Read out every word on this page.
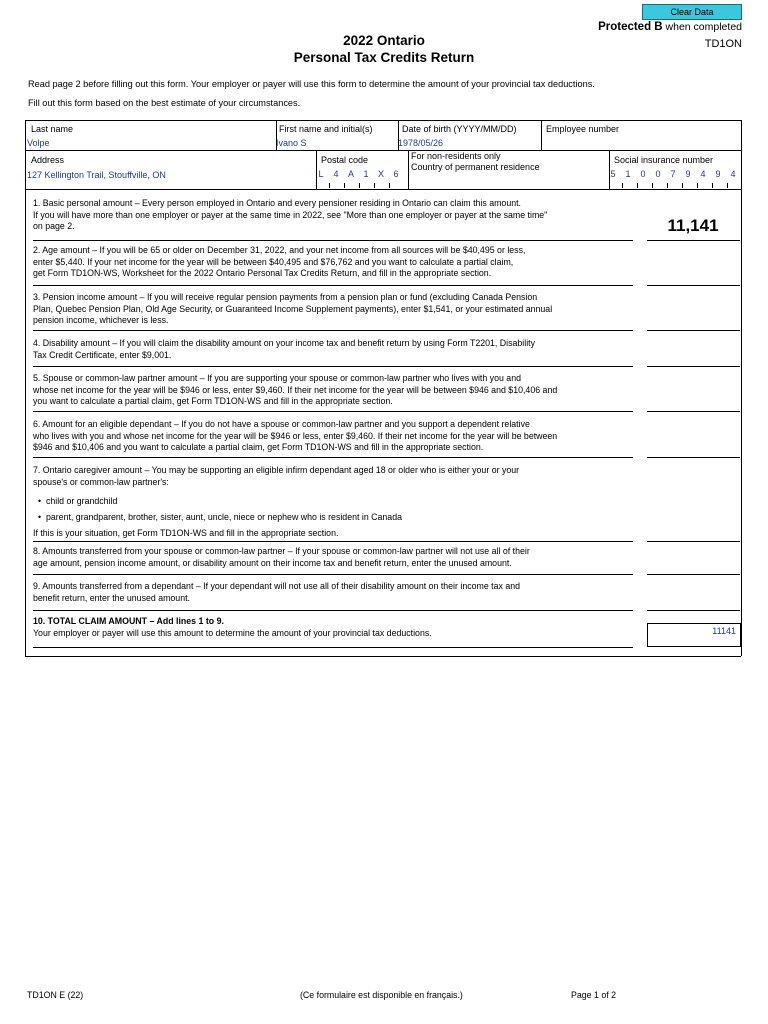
Clear Data
Protected B when completed
TD1ON
2022 Ontario
Personal Tax Credits Return
Read page 2 before filling out this form. Your employer or payer will use this form to determine the amount of your provincial tax deductions.
Fill out this form based on the best estimate of your circumstances.
Last name
Volpe
First name and initial(s)
Ivano S
Date of birth (YYYY/MM/DD)
1978/05/26
Employee number
Address
127 Kellington Trail, Stouffville, ON
Postal code
L 4 A 1 X 6
For non-residents only
Country of permanent residence
Social insurance number
5 1 0 0 7 9 4 9 4
1. Basic personal amount – Every person employed in Ontario and every pensioner residing in Ontario can claim this amount.
If you will have more than one employer or payer at the same time in 2022, see "More than one employer or payer at the same time"
on page 2.	11,141
2. Age amount – If you will be 65 or older on December 31, 2022, and your net income from all sources will be $40,495 or less,
enter $5,440. If your net income for the year will be between $40,495 and $76,762 and you want to calculate a partial claim,
get Form TD1ON-WS, Worksheet for the 2022 Ontario Personal Tax Credits Return, and fill in the appropriate section.
3. Pension income amount – If you will receive regular pension payments from a pension plan or fund (excluding Canada Pension
Plan, Quebec Pension Plan, Old Age Security, or Guaranteed Income Supplement payments), enter $1,541, or your estimated annual
pension income, whichever is less.
4. Disability amount – If you will claim the disability amount on your income tax and benefit return by using Form T2201, Disability
Tax Credit Certificate, enter $9,001.
5. Spouse or common-law partner amount – If you are supporting your spouse or common-law partner who lives with you and
whose net income for the year will be $946 or less, enter $9,460. If their net income for the year will be between $946 and $10,406 and
you want to calculate a partial claim, get Form TD1ON-WS and fill in the appropriate section.
6. Amount for an eligible dependant – If you do not have a spouse or common-law partner and you support a dependent relative
who lives with you and whose net income for the year will be $946 or less, enter $9,460. If their net income for the year will be between
$946 and $10,406 and you want to calculate a partial claim, get Form TD1ON-WS and fill in the appropriate section.
7. Ontario caregiver amount – You may be supporting an eligible infirm dependant aged 18 or older who is either your or your
spouse's or common-law partner's:
•  child or grandchild
•  parent, grandparent, brother, sister, aunt, uncle, niece or nephew who is resident in Canada
If this is your situation, get Form TD1ON-WS and fill in the appropriate section.
8. Amounts transferred from your spouse or common-law partner – If your spouse or common-law partner will not use all of their
age amount, pension income amount, or disability amount on their income tax and benefit return, enter the unused amount.
9. Amounts transferred from a dependant – If your dependant will not use all of their disability amount on their income tax and
benefit return, enter the unused amount.
10. TOTAL CLAIM AMOUNT – Add lines 1 to 9.
Your employer or payer will use this amount to determine the amount of your provincial tax deductions.	11141
TD1ON E (22)	(Ce formulaire est disponible en français.)	Page 1 of 2
